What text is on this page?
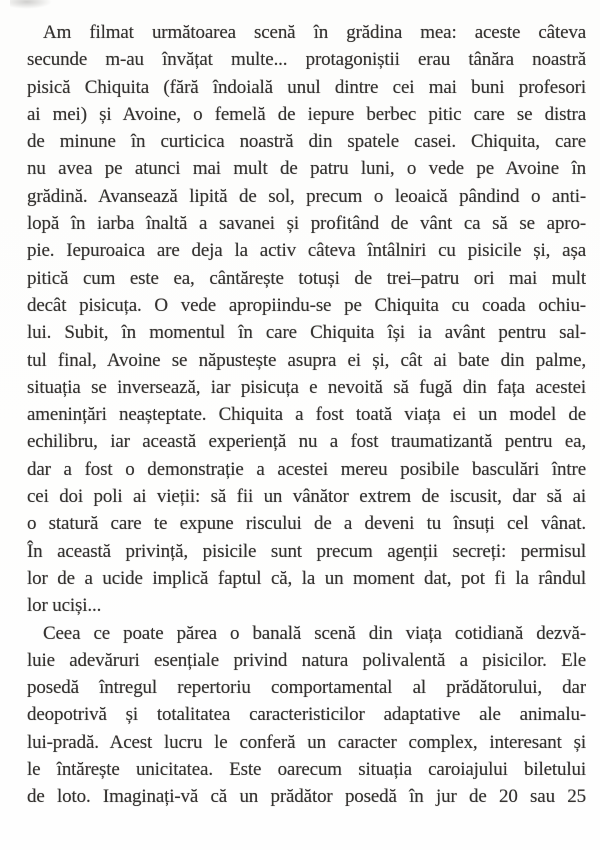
Am filmat următoarea scenă în grădina mea: aceste câteva
secunde m-au învățat multe... protagoniștii erau tânăra noastră
pisică Chiquita (fără îndoială unul dintre cei mai buni profesori
ai mei) și Avoine, o femelă de iepure berbec pitic care se distra
de minune în curticica noastră din spatele casei. Chiquita, care
nu avea pe atunci mai mult de patru luni, o vede pe Avoine în
grădină. Avansează lipită de sol, precum o leoaică pândind o anti-
lopă în iarba înaltă a savanei și profitând de vânt ca să se apro-
pie. Iepuroaica are deja la activ câteva întâlniri cu pisicile și, așa
pitică cum este ea, cântărește totuși de trei–patru ori mai mult
decât pisicuța. O vede apropiindu-se pe Chiquita cu coada ochiu-
lui. Subit, în momentul în care Chiquita își ia avânt pentru sal-
tul final, Avoine se năpustește asupra ei și, cât ai bate din palme,
situația se inversează, iar pisicuța e nevoită să fugă din fața acestei
amenințări neașteptate. Chiquita a fost toată viața ei un model de
echilibru, iar această experiență nu a fost traumatizantă pentru ea,
dar a fost o demonstrație a acestei mereu posibile basculări între
cei doi poli ai vieții: să fii un vânător extrem de iscusit, dar să ai
o statură care te expune riscului de a deveni tu însuți cel vânat.
În această privință, pisicile sunt precum agenții secreți: permisul
lor de a ucide implică faptul că, la un moment dat, pot fi la rândul
lor uciși...
Ceea ce poate părea o banală scenă din viața cotidiană dezvă-
luie adevăruri esențiale privind natura polivalentă a pisicilor. Ele
posedă întregul repertoriu comportamental al prădătorului, dar
deopotrivă și totalitatea caracteristicilor adaptative ale animalu-
lui-pradă. Acest lucru le conferă un caracter complex, interesant și
le întărește unicitatea. Este oarecum situația caroiajului biletului
de loto. Imaginați-vă că un prădător posedă în jur de 20 sau 25
